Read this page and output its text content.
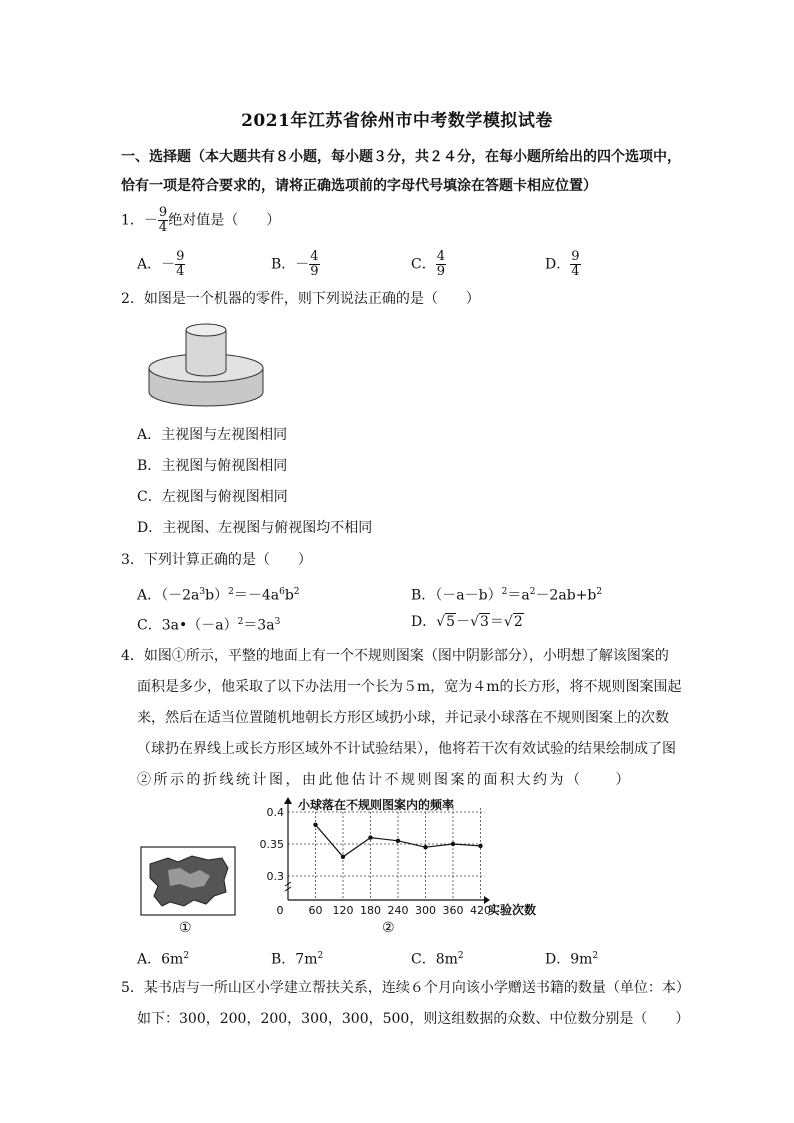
2021年江苏省徐州市中考数学模拟试卷
一、选择题（本大题共有８小题，每小题３分，共２４分，在每小题所给出的四个选项中，
恰有一项是符合要求的，请将正确选项前的字母代号填涂在答题卡相应位置）
1．－ $\frac{9}{4}$ 绝对值是（　　）
A．－ $\frac{9}{4}$	B．－ $\frac{4}{9}$	C． $\frac{4}{9}$	D． $\frac{9}{4}$
2．如图是一个机器的零件，则下列说法正确的是（　　）
A．主视图与左视图相同
B．主视图与俯视图相同
C．左视图与俯视图相同
D．主视图、左视图与俯视图均不相同
3．下列计算正确的是（　　）
A．$(-2a^3b)^2=-4a^6b^2$	B．$(-a-b)^2=a^2-2ab+b^2$
C．$3a•(-a)^2=3a^3$	D．√5－√3＝√2
4．如图①所示，平整的地面上有一个不规则图案（图中阴影部分），小明想了解该图案的
面积是多少，他采取了以下办法用一个长为５m，宽为４m的长方形，将不规则图案围起
来，然后在适当位置随机地朝长方形区域扔小球，并记录小球落在不规则图案上的次数
（球扔在界线上或长方形区域外不计试验结果），他将若干次有效试验的结果绘制成了图
②所示的折线统计图，由此他估计不规则图案的面积大约为（　　）
①
小球落在不规则图案内的频率
0.3
0.35
0.4
0 60 120 180 240 300 360 420
实验次数
②
A．$6m^2$	B．$7m^2$	C．$8m^2$	D．$9m^2$
5．某书店与一所山区小学建立帮扶关系，连续６个月向该小学赠送书籍的数量（单位：本）
如下：300，200，200，300，300，500，则这组数据的众数、中位数分别是（　　）
